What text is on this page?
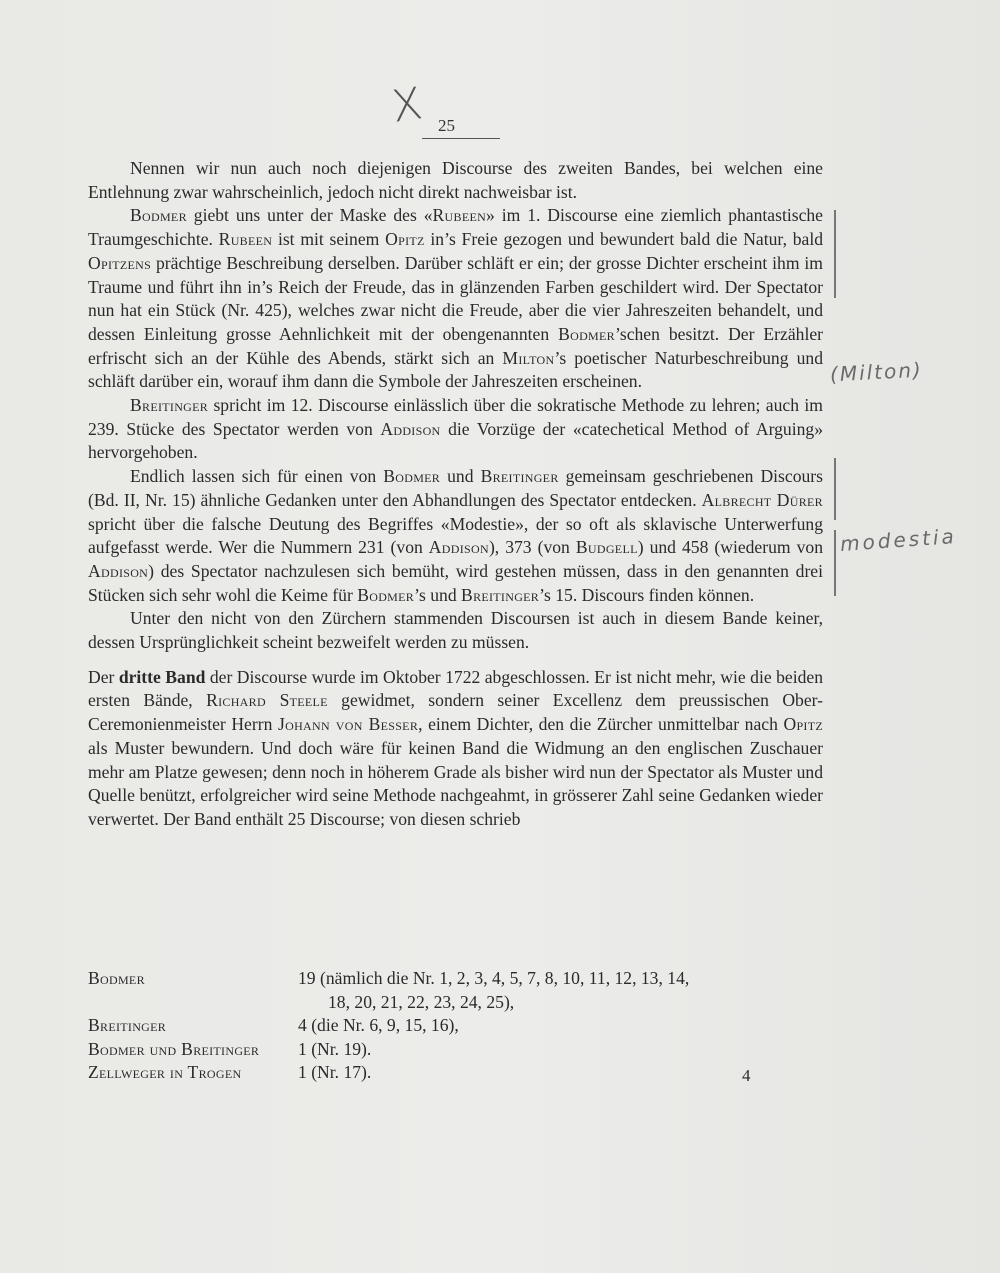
X 25
(Milton)
modestia

Nennen wir nun auch noch diejenigen Discourse des zweiten Bandes, bei welchen eine Entlehnung zwar wahrscheinlich, jedoch nicht direkt nachweisbar ist.

Bodmer giebt uns unter der Maske des «Rubeen» im 1. Discourse eine ziemlich phantastische Traumgeschichte. Rubeen ist mit seinem Opitz in’s Freie gezogen und bewundert bald die Natur, bald Opitzens prächtige Beschreibung derselben. Darüber schläft er ein; der grosse Dichter erscheint ihm im Traume und führt ihn in’s Reich der Freude, das in glänzenden Farben geschildert wird. Der Spectator nun hat ein Stück (Nr. 425), welches zwar nicht die Freude, aber die vier Jahreszeiten behandelt, und dessen Einleitung grosse Aehnlichkeit mit der obengenannten Bodmer’schen besitzt. Der Erzähler erfrischt sich an der Kühle des Abends, stärkt sich an Milton’s poetischer Naturbeschreibung und schläft darüber ein, worauf ihm dann die Symbole der Jahreszeiten erscheinen.

Breitinger spricht im 12. Discourse einlässlich über die sokratische Methode zu lehren; auch im 239. Stücke des Spectator werden von Addison die Vorzüge der «catechetical Method of Arguing» hervorgehoben.

Endlich lassen sich für einen von Bodmer und Breitinger gemeinsam geschriebenen Discours (Bd. II, Nr. 15) ähnliche Gedanken unter den Abhandlungen des Spectator entdecken. Albrecht Dürer spricht über die falsche Deutung des Begriffes «Modestie», der so oft als sklavische Unterwerfung aufgefasst werde. Wer die Nummern 231 (von Addison), 373 (von Budgell) und 458 (wiederum von Addison) des Spectator nachzulesen sich bemüht, wird gestehen müssen, dass in den genannten drei Stücken sich sehr wohl die Keime für Bodmer’s und Breitinger’s 15. Discours finden können.

Unter den nicht von den Zürchern stammenden Discoursen ist auch in diesem Bande keiner, dessen Ursprünglichkeit scheint bezweifelt werden zu müssen.

Der dritte Band der Discourse wurde im Oktober 1722 abgeschlossen. Er ist nicht mehr, wie die beiden ersten Bände, Richard Steele gewidmet, sondern seiner Excellenz dem preussischen Ober-Ceremonienmeister Herrn Johann von Besser, einem Dichter, den die Zürcher unmittelbar nach Opitz als Muster bewundern. Und doch wäre für keinen Band die Widmung an den englischen Zuschauer mehr am Platze gewesen; denn noch in höherem Grade als bisher wird nun der Spectator als Muster und Quelle benützt, erfolgreicher wird seine Methode nachgeahmt, in grösserer Zahl seine Gedanken wieder verwertet. Der Band enthält 25 Discourse; von diesen schrieb

Bodmer	19 (nämlich die Nr. 1, 2, 3, 4, 5, 7, 8, 10, 11, 12, 13, 14,
18, 20, 21, 22, 23, 24, 25),
Breitinger	4 (die Nr. 6, 9, 15, 16),
Bodmer und Breitinger	1 (Nr. 19).
Zellweger in Trogen	1 (Nr. 17).	4
